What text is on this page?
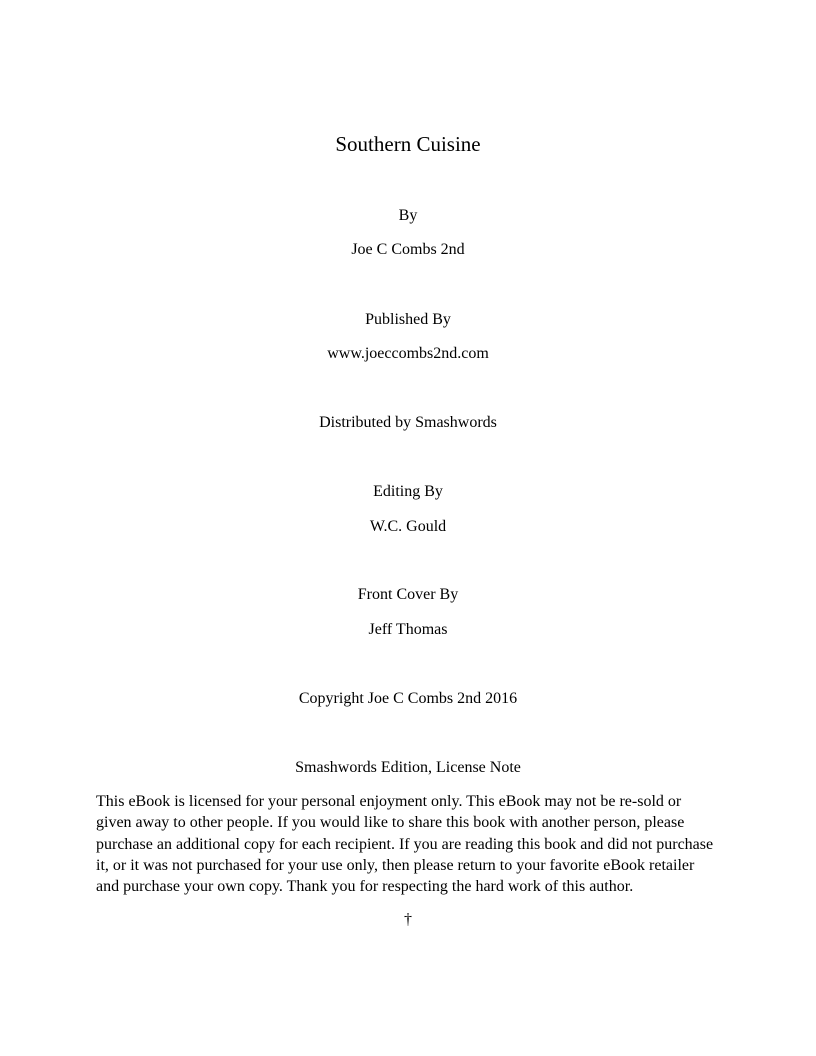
Southern Cuisine
By
Joe C Combs 2nd
Published By
www.joeccombs2nd.com
Distributed by Smashwords
Editing By
W.C. Gould
Front Cover By
Jeff Thomas
Copyright Joe C Combs 2nd 2016
Smashwords Edition, License Note
This eBook is licensed for your personal enjoyment only. This eBook may not be re-sold or
given away to other people. If you would like to share this book with another person, please
purchase an additional copy for each recipient. If you are reading this book and did not purchase
it, or it was not purchased for your use only, then please return to your favorite eBook retailer
and purchase your own copy. Thank you for respecting the hard work of this author.
†
